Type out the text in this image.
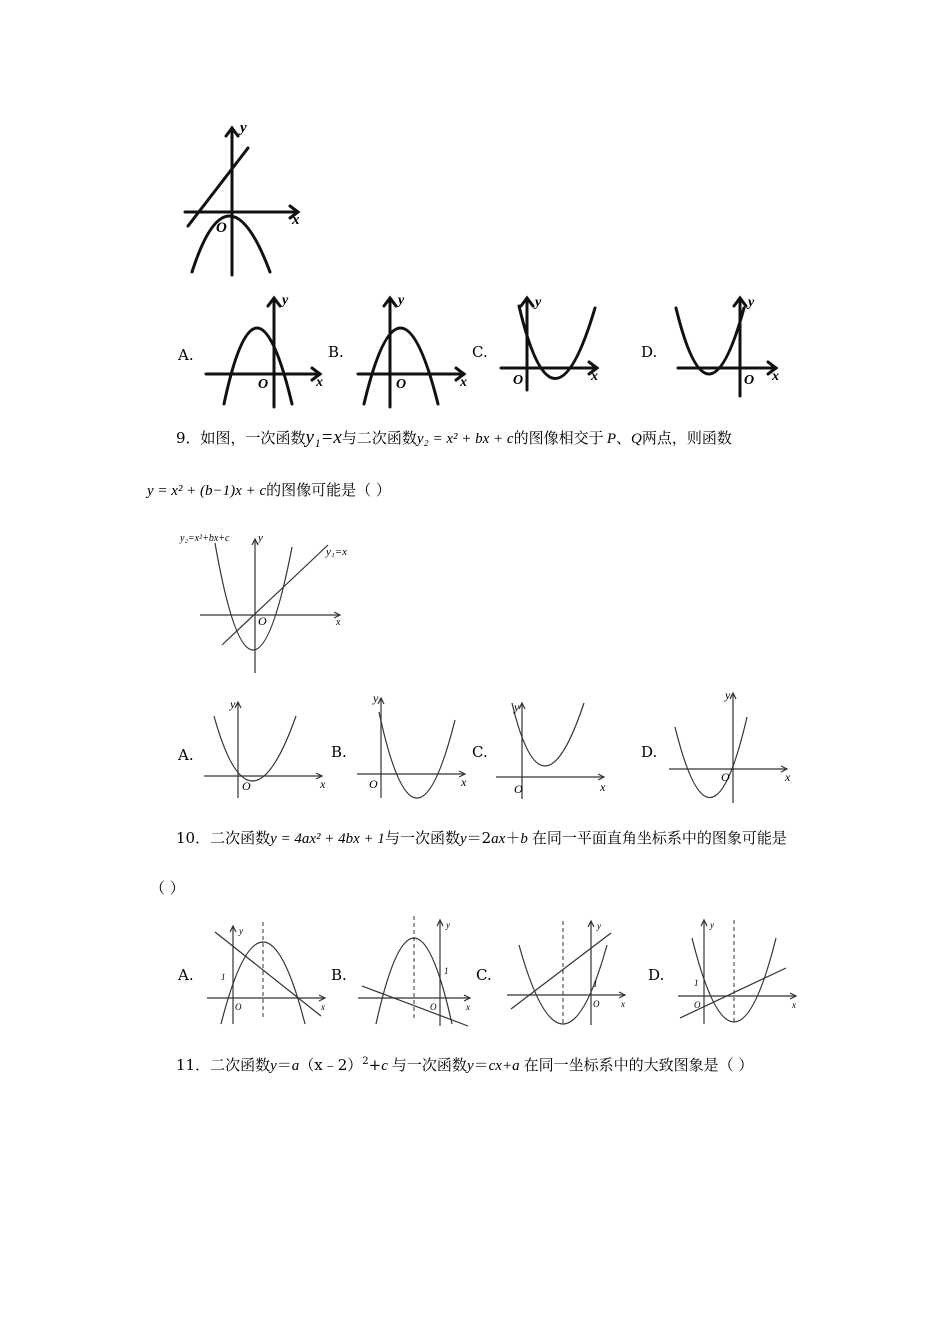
y
x
O
A.
y
x
O
B.
y
x
O
C.
y
x
O
D.
y
x
O
9．如图，一次函数y₁=x与二次函数y₂ = x² + bx + c的图像相交于 P、Q两点，则函数
y = x² + (b−1)x + c的图像可能是（ ）
y₂=x²+bx+c	y
y₁=x
x
O
A.
y
x
O
B.
y
x
O
C.
y
x
O
D.
y
x
O
10．二次函数y = 4ax² + 4bx + 1与一次函数y＝2ax＋b 在同一平面直角坐标系中的图象可能是
（ ）
A.
y
x
1
O
B.
y
x
1
O
C.
y
x
1
O
D.
y
x
1
O
11．二次函数y＝a（x﹣2）$^2$+c 与一次函数y＝cx+a 在同一坐标系中的大致图象是（ ）
